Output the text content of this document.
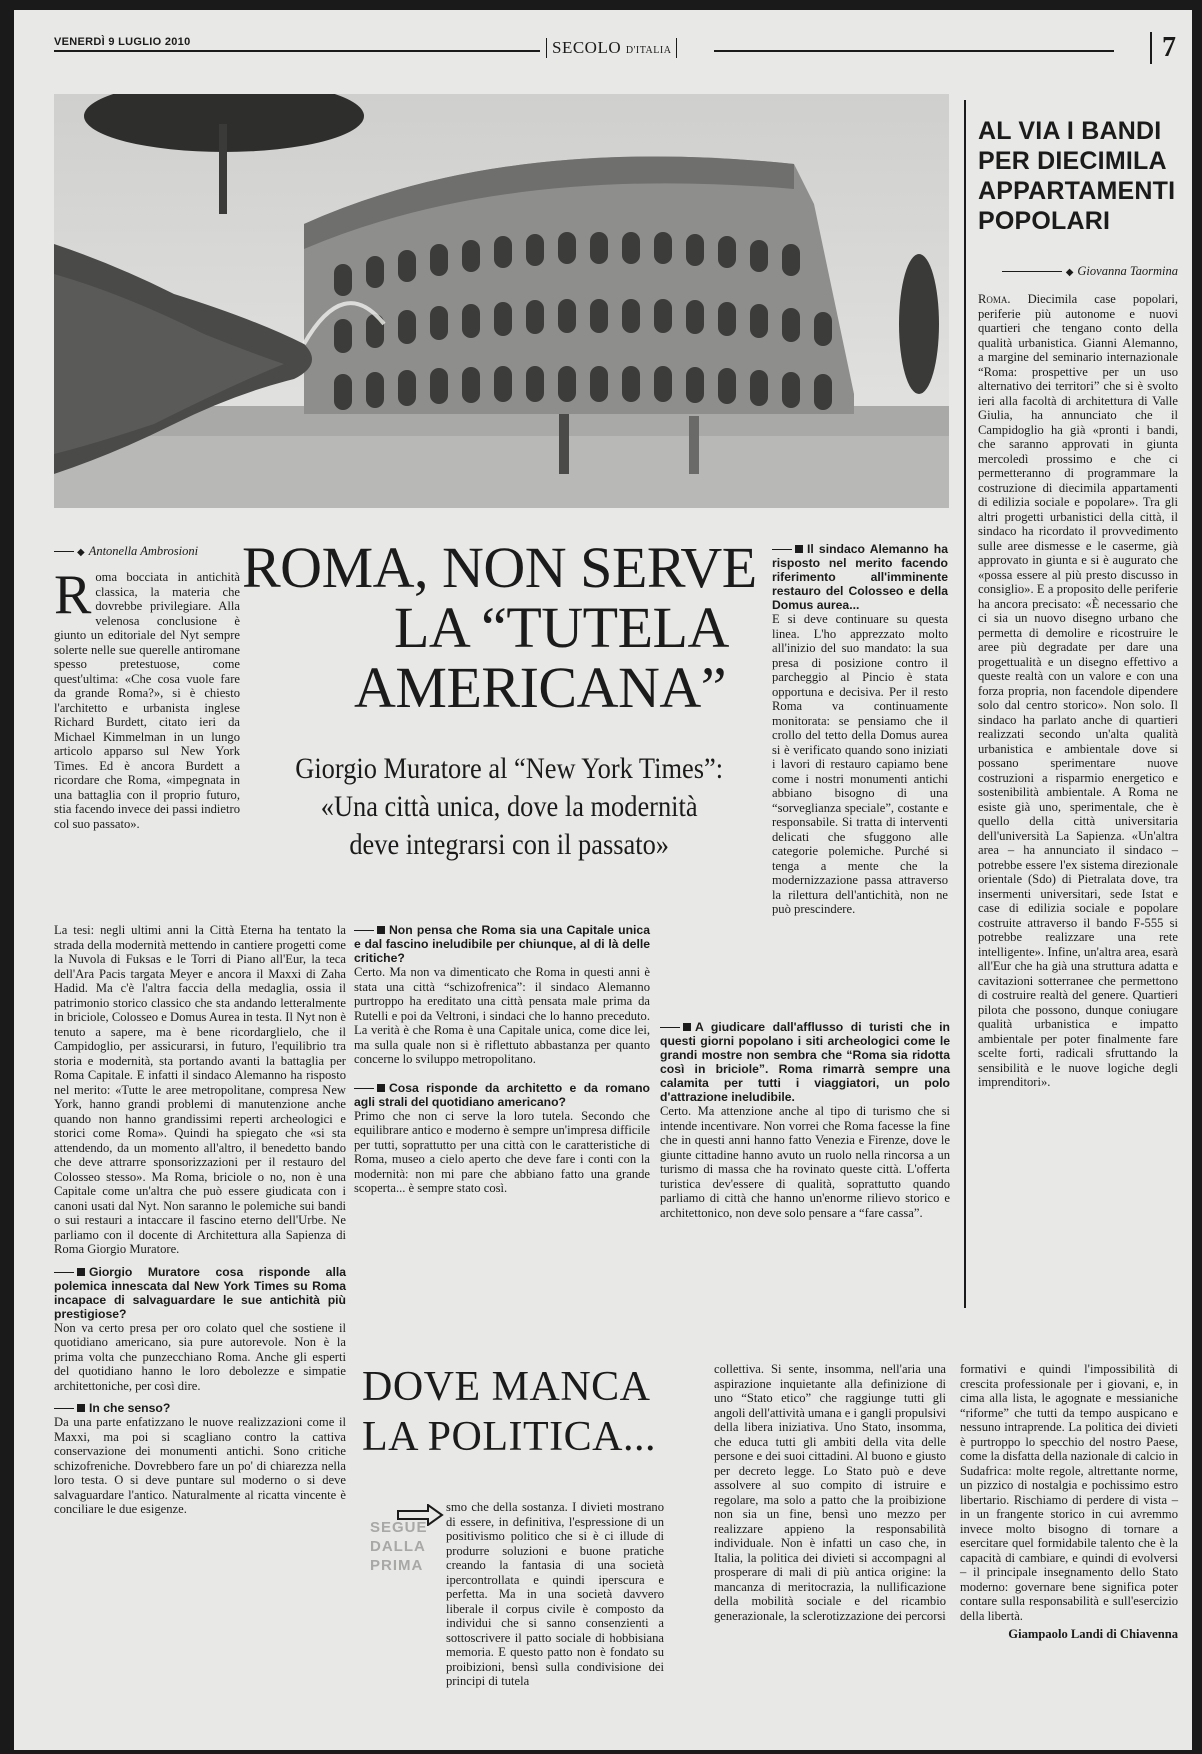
VENERDÌ 9 LUGLIO 2010	SECOLO D'ITALIA	7
◆ Antonella Ambrosioni
Roma bocciata in antichità classica, la materia che dovrebbe privilegiare. Alla velenosa conclusione è giunto un editoriale del Nyt sempre solerte nelle sue querelle antiromane spesso pretestuose, come quest'ultima: «Che cosa vuole fare da grande Roma?», si è chiesto l'architetto e urbanista inglese Richard Burdett, citato ieri da Michael Kimmelman in un lungo articolo apparso sul New York Times. Ed è ancora Burdett a ricordare che Roma, «impegnata in una battaglia con il proprio futuro, stia facendo invece dei passi indietro col suo passato».

La tesi: negli ultimi anni la Città Eterna ha tentato la strada della modernità mettendo in cantiere progetti come la Nuvola di Fuksas e le Torri di Piano all'Eur, la teca dell'Ara Pacis targata Meyer e ancora il Maxxi di Zaha Hadid. Ma c'è l'altra faccia della medaglia, ossia il patrimonio storico classico che sta andando letteralmente in briciole, Colosseo e Domus Aurea in testa. Il Nyt non è tenuto a sapere, ma è bene ricordarglielo, che il Campidoglio, per assicurarsi, in futuro, l'equilibrio tra storia e modernità, sta portando avanti la battaglia per Roma Capitale. E infatti il sindaco Alemanno ha risposto nel merito: «Tutte le aree metropolitane, compresa New York, hanno grandi problemi di manutenzione anche quando non hanno grandissimi reperti archeologici e storici come Roma». Quindi ha spiegato che «si sta attendendo, da un momento all'altro, il benedetto bando che deve attrarre sponsorizzazioni per il restauro del Colosseo stesso». Ma Roma, briciole o no, non è una Capitale come un'altra che può essere giudicata con i canoni usati dal Nyt. Non saranno le polemiche sui bandi o sui restauri a intaccare il fascino eterno dell'Urbe. Ne parliamo con il docente di Architettura alla Sapienza di Roma Giorgio Muratore.

Giorgio Muratore cosa risponde alla polemica innescata dal New York Times su Roma incapace di salvaguardare le sue antichità più prestigiose?

Non va certo presa per oro colato quel che sostiene il quotidiano americano, sia pure autorevole. Non è la prima volta che punzecchiano Roma. Anche gli esperti del quotidiano hanno le loro debolezze e simpatie architettoniche, per così dire.

In che senso?

Da una parte enfatizzano le nuove realizzazioni come il Maxxi, ma poi si scagliano contro la cattiva conservazione dei monumenti antichi. Sono critiche schizofreniche. Dovrebbero fare un po' di chiarezza nella loro testa. O si deve puntare sul moderno o si deve salvaguardare l'antico. Naturalmente al ricatta vincente è conciliare le due esigenze.

ROMA, NON SERVE
LA “TUTELA
AMERICANA”
Giorgio Muratore al “New York Times”:
«Una città unica, dove la modernità
deve integrarsi con il passato»

Non pensa che Roma sia una Capitale unica e dal fascino ineludibile per chiunque, al di là delle critiche?

Certo. Ma non va dimenticato che Roma in questi anni è stata una città “schizofrenica”: il sindaco Alemanno purtroppo ha ereditato una città pensata male prima da Rutelli e poi da Veltroni, i sindaci che lo hanno preceduto. La verità è che Roma è una Capitale unica, come dice lei, ma sulla quale non si è riflettuto abbastanza per quanto concerne lo sviluppo metropolitano.

Cosa risponde da architetto e da romano agli strali del quotidiano americano?

Primo che non ci serve la loro tutela. Secondo che equilibrare antico e moderno è sempre un'impresa difficile per tutti, soprattutto per una città con le caratteristiche di Roma, museo a cielo aperto che deve fare i conti con la modernità: non mi pare che abbiano fatto una grande scoperta... è sempre stato così.

Il sindaco Alemanno ha risposto nel merito facendo riferimento all'imminente restauro del Colosseo e della Domus aurea...

E si deve continuare su questa linea. L'ho apprezzato molto all'inizio del suo mandato: la sua presa di posizione contro il parcheggio al Pincio è stata opportuna e decisiva. Per il resto Roma va continuamente monitorata: se pensiamo che il crollo del tetto della Domus aurea si è verificato quando sono iniziati i lavori di restauro capiamo bene come i nostri monumenti antichi abbiano bisogno di una “sorveglianza speciale”, costante e responsabile. Si tratta di interventi delicati che sfuggono alle categorie polemiche. Purché si tenga a mente che la modernizzazione passa attraverso la rilettura dell'antichità, non ne può prescindere.

A giudicare dall'afflusso di turisti che in questi giorni popolano i siti archeologici come le grandi mostre non sembra che “Roma sia ridotta così in briciole”. Roma rimarrà sempre una calamita per tutti i viaggiatori, un polo d'attrazione ineludibile.

Certo. Ma attenzione anche al tipo di turismo che si intende incentivare. Non vorrei che Roma facesse la fine che in questi anni hanno fatto Venezia e Firenze, dove le giunte cittadine hanno avuto un ruolo nella rincorsa a un turismo di massa che ha rovinato queste città. L'offerta turistica dev'essere di qualità, soprattutto quando parliamo di città che hanno un'enorme rilievo storico e architettonico, non deve solo pensare a “fare cassa”.

AL VIA I BANDI
PER DIECIMILA
APPARTAMENTI
POPOLARI
◆ Giovanna Taormina
Roma. Diecimila case popolari, periferie più autonome e nuovi quartieri che tengano conto della qualità urbanistica. Gianni Alemanno, a margine del seminario internazionale “Roma: prospettive per un uso alternativo dei territori” che si è svolto ieri alla facoltà di architettura di Valle Giulia, ha annunciato che il Campidoglio ha già «pronti i bandi, che saranno approvati in giunta mercoledì prossimo e che ci permetteranno di programmare la costruzione di diecimila appartamenti di edilizia sociale e popolare». Tra gli altri progetti urbanistici della città, il sindaco ha ricordato il provvedimento sulle aree dismesse e le casermе, già approvato in giunta e si è augurato che «possa essere al più presto discusso in consiglio». E a proposito delle periferie ha ancora precisato: «È necessario che ci sia un nuovo disegno urbano che permetta di demolire e ricostruire le aree più degradate per dare una progettualità e un disegno effettivo a queste realtà con un valore e con una forza propria, non facendole dipendere solo dal centro storico». Non solo. Il sindaco ha parlato anche di quartieri realizzati secondo un'alta qualità urbanistica e ambientale dove si possano sperimentare nuove costruzioni a risparmio energetico e sostenibilità ambientale. A Roma ne esiste già uno, sperimentale, che è quello della città universitaria dell'università La Sapienza. «Un'altra area – ha annunciato il sindaco – potrebbe essere l'ex sistema direzionale orientale (Sdo) di Pietralata dove, tra insermenti universitari, sede Istat e case di edilizia sociale e popolare costruite attraverso il bando F-555 si potrebbe realizzare una rete intelligente». Infine, un'altra area, esarà all'Eur che ha già una struttura adatta e cavitazioni sotterranee che permettono di costruire realtà del genere. Quartieri pilota che possono, dunque coniugare qualità urbanistica e impatto ambientale per poter finalmente fare scelte forti, radicali sfruttando la sensibilità e le nuove logiche degli imprenditori».
DOVE MANCA
LA POLITICA...
SEGUE
DALLA
PRIMA

smo che della sostanza. I divieti mostrano di essere, in definitiva, l'espressione di un positivismo politico che si è ci illude di produrre soluzioni e buone pratiche creando la fantasia di una società ipercontrollata e quindi iperscura e perfetta. Ma in una società davvero liberale il corpus civile è composto da individui che si sanno consenzienti a sottoscrivere il patto sociale di hobbisiana memoria. E questo patto non è fondato su proibizioni, bensì sulla condivisione dei principi di tutela

collettiva. Si sente, insomma, nell'aria una aspirazione inquietante alla definizione di uno “Stato etico” che raggiunge tutti gli angoli dell'attività umana e i gangli propulsivi della libera iniziativa. Uno Stato, insomma, che educa tutti gli ambiti della vita delle persone e dei suoi cittadini. Al buono e giusto per decreto legge. Lo Stato può e deve assolvere al suo compito di istruire e regolare, ma solo a patto che la proibizione non sia un fine, bensì uno mezzo per realizzare appieno la responsabilità individuale. Non è infatti un caso che, in Italia, la politica dei divieti si accompagni al prosperare di mali di più antica origine: la mancanza di meritocrazia, la nullificazione della mobilità sociale e del ricambio generazionale, la sclerotizzazione dei percorsi

formativi e quindi l'impossibilità di crescita professionale per i giovani, e, in cima alla lista, le agognate e messianiche “riforme” che tutti da tempo auspicano e nessuno intraprende. La politica dei divieti è purtroppo lo specchio del nostro Paese, come la disfatta della nazionale di calcio in Sudafrica: molte regole, altrettante norme, un pizzico di nostalgia e pochissimo estro libertario. Rischiamo di perdere di vista – in un frangente storico in cui avremmo invece molto bisogno di tornare a esercitare quel formidabile talento che è la capacità di cambiare, e quindi di evolversi – il principale insegnamento dello Stato moderno: governare bene significa poter contare sulla responsabilità e sull'esercizio della libertà.

Giampaolo Landi di Chiavenna
